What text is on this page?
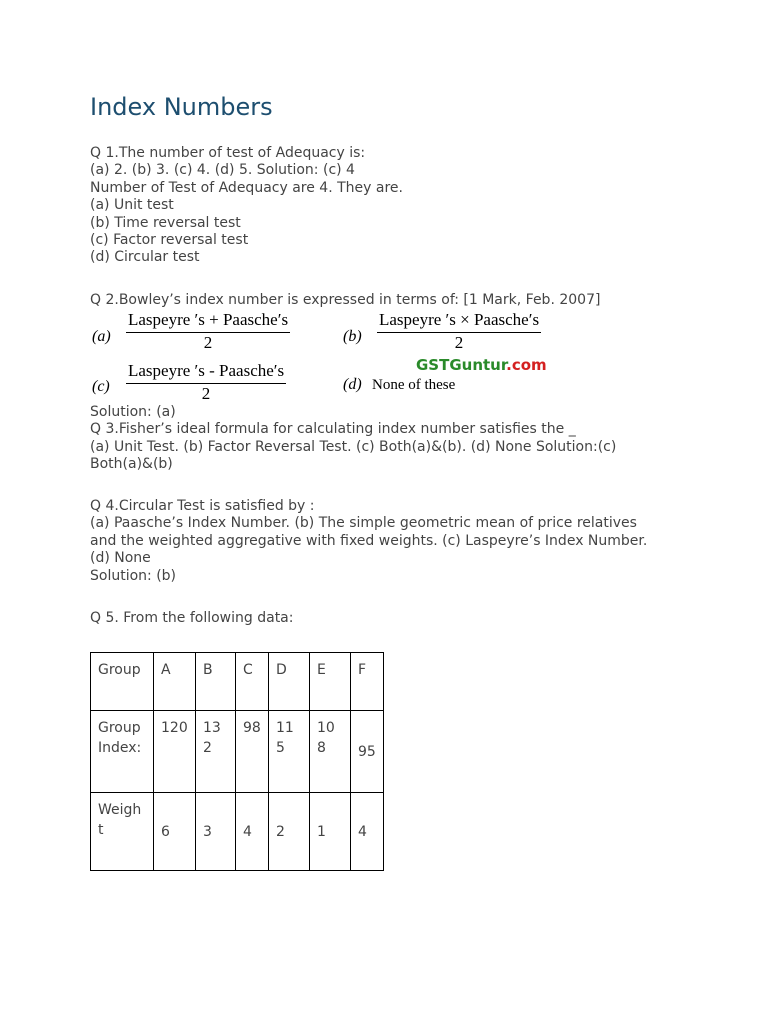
Index Numbers
Q 1.The number of test of Adequacy is:
(a) 2. (b) 3. (c) 4. (d) 5. Solution: (c) 4
Number of Test of Adequacy are 4. They are.
(a) Unit test
(b) Time reversal test
(c) Factor reversal test
(d) Circular test
Q 2.Bowley’s index number is expressed in terms of: [1 Mark, Feb. 2007]
(a)
Laspeyre ′s + Paasche′s
2	(b)
Laspeyre ′s × Paasche′s
2
GSTGuntur.com
(c)
Laspeyre ′s - Paasche′s
2	(d) None of these
Solution: (a)
Q 3.Fisher’s ideal formula for calculating index number satisfies the _
(a) Unit Test. (b) Factor Reversal Test. (c) Both(a)&(b). (d) None Solution:(c)
Both(a)&(b)
Q 4.Circular Test is satisfied by :
(a) Paasche’s Index Number. (b) The simple geometric mean of price relatives
and the weighted aggregative with fixed weights. (c) Laspeyre’s Index Number.
(d) None
Solution: (b)
Q 5. From the following data:
Group	A	B	C	D	E	F
Group Index:	120	132	98	115	108	95
Weight	6	3	4	2	1	4
